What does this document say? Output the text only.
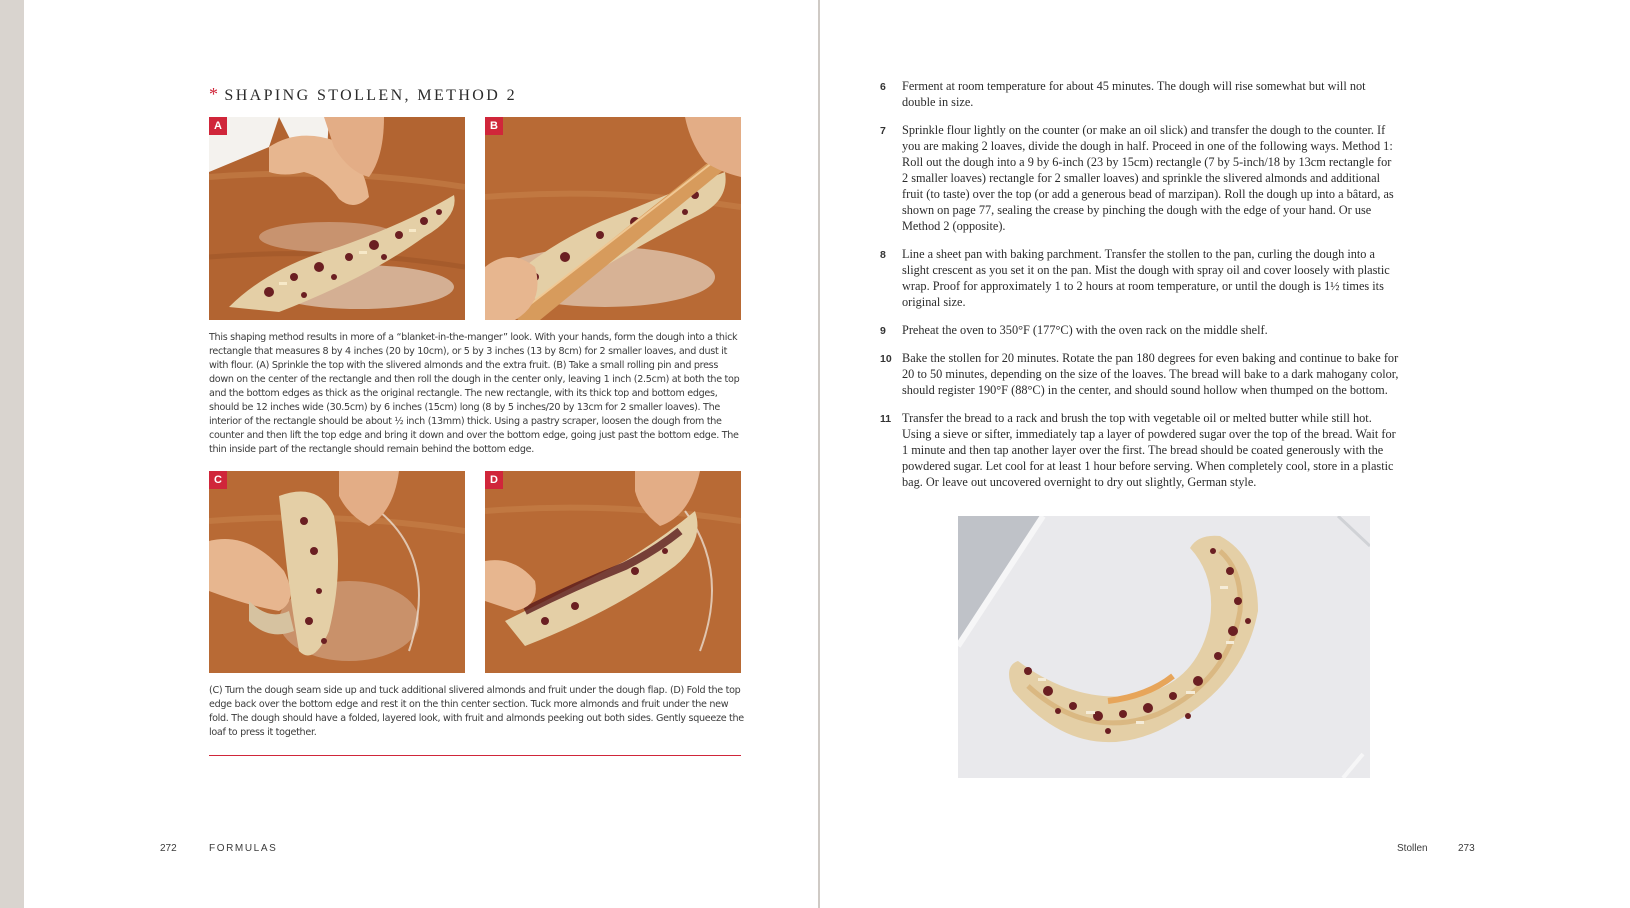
* SHAPING STOLLEN, METHOD 2
A	B

This shaping method results in more of a “blanket-in-the-manger” look. With your hands, form the dough into a thick rectangle that measures 8 by 4 inches (20 by 10cm), or 5 by 3 inches (13 by 8cm) for 2 smaller loaves, and dust it with flour. (A) Sprinkle the top with the slivered almonds and the extra fruit. (B) Take a small rolling pin and press down on the center of the rectangle and then roll the dough in the center only, leaving 1 inch (2.5cm) at both the top and the bottom edges as thick as the original rectangle. The new rectangle, with its thick top and bottom edges, should be 12 inches wide (30.5cm) by 6 inches (15cm) long (8 by 5 inches/20 by 13cm for 2 smaller loaves). The interior of the rectangle should be about ½ inch (13mm) thick. Using a pastry scraper, loosen the dough from the counter and then lift the top edge and bring it down and over the bottom edge, going just past the bottom edge. The thin inside part of the rectangle should remain behind the bottom edge.

C	D

(C) Turn the dough seam side up and tuck additional slivered almonds and fruit under the dough flap. (D) Fold the top edge back over the bottom edge and rest it on the thin center section. Tuck more almonds and fruit under the new fold. The dough should have a folded, layered look, with fruit and almonds peeking out both sides. Gently squeeze the loaf to press it together.

272	FORMULAS
6	Ferment at room temperature for about 45 minutes. The dough will rise somewhat but will not double in size.
7	Sprinkle flour lightly on the counter (or make an oil slick) and transfer the dough to the counter. If you are making 2 loaves, divide the dough in half. Proceed in one of the following ways. Method 1: Roll out the dough into a 9 by 6-inch (23 by 15cm) rectangle (7 by 5-inch/18 by 13cm rectangle for 2 smaller loaves) rectangle for 2 smaller loaves) and sprinkle the slivered almonds and additional fruit (to taste) over the top (or add a generous bead of marzipan). Roll the dough up into a bâtard, as shown on page 77, sealing the crease by pinching the dough with the edge of your hand. Or use Method 2 (opposite).
8	Line a sheet pan with baking parchment. Transfer the stollen to the pan, curling the dough into a slight crescent as you set it on the pan. Mist the dough with spray oil and cover loosely with plastic wrap. Proof for approximately 1 to 2 hours at room temperature, or until the dough is 1½ times its original size.
9	Preheat the oven to 350°F (177°C) with the oven rack on the middle shelf.
10 Bake the stollen for 20 minutes. Rotate the pan 180 degrees for even baking and continue to bake for 20 to 50 minutes, depending on the size of the loaves. The bread will bake to a dark mahogany color, should register 190°F (88°C) in the center, and should sound hollow when thumped on the bottom.
11 Transfer the bread to a rack and brush the top with vegetable oil or melted butter while still hot. Using a sieve or sifter, immediately tap a layer of powdered sugar over the top of the bread. Wait for 1 minute and then tap another layer over the first. The bread should be coated generously with the powdered sugar. Let cool for at least 1 hour before serving. When completely cool, store in a plastic bag. Or leave out uncovered overnight to dry out slightly, German style.
Stollen	273
